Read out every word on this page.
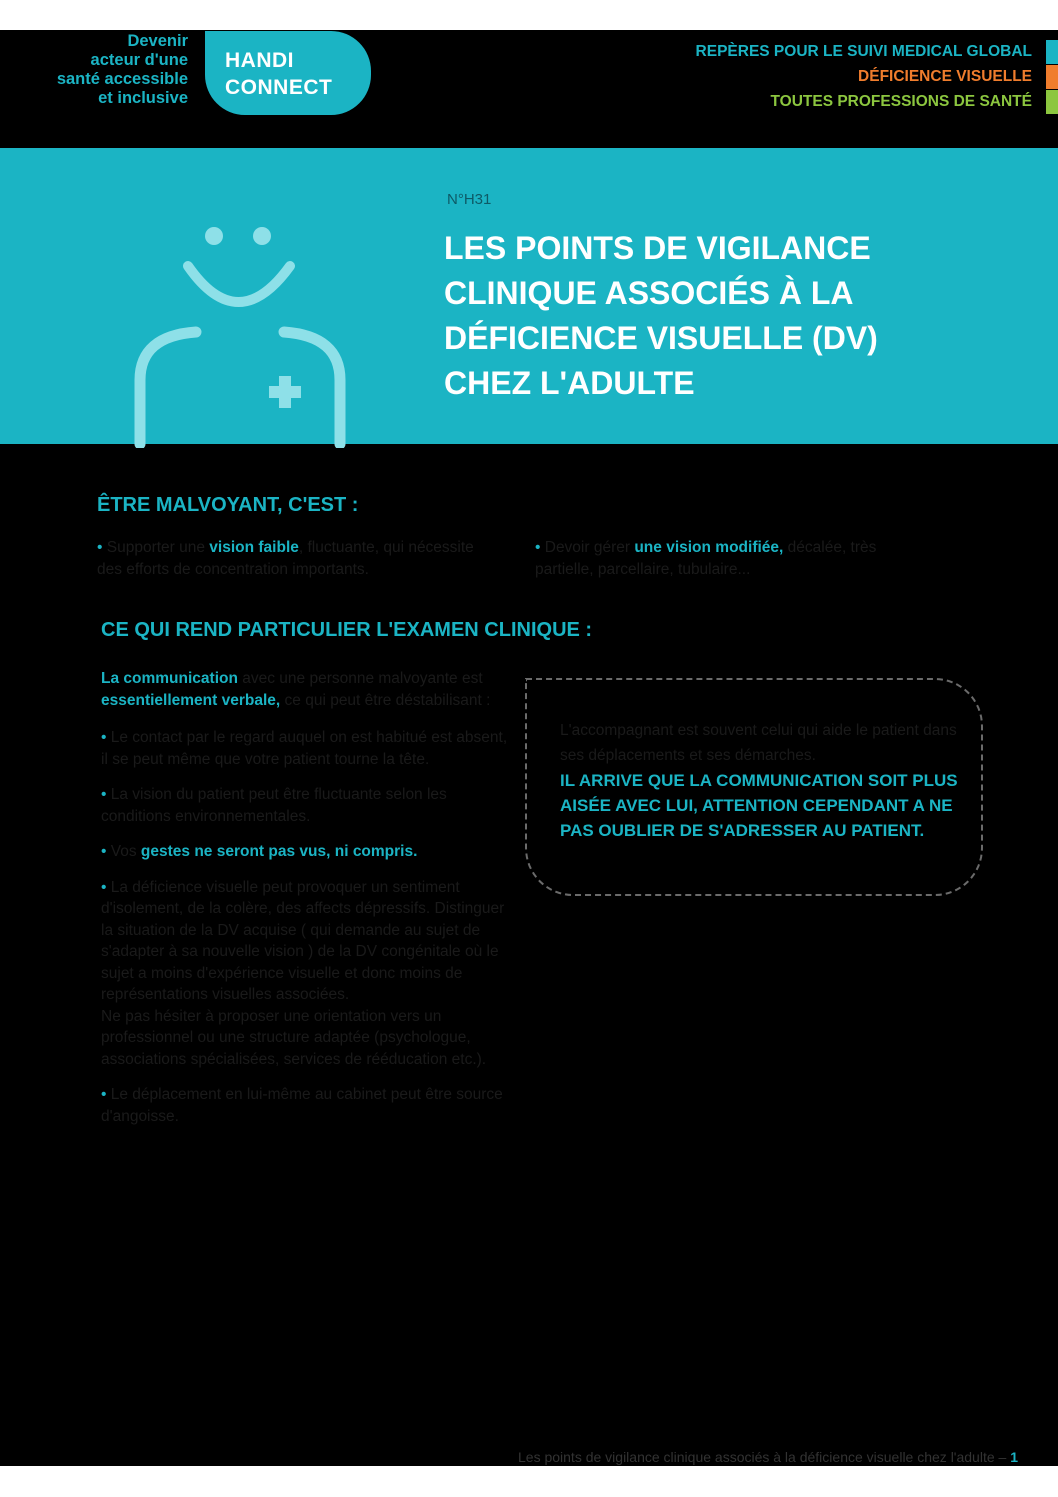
Devenir
acteur d'une
santé accessible
et inclusive
HANDI
CONNECT
REPÈRES POUR LE SUIVI MEDICAL GLOBAL
DÉFICIENCE VISUELLE
TOUTES PROFESSIONS DE SANTÉ
N°H31
LES POINTS DE VIGILANCE
CLINIQUE ASSOCIÉS À LA
DÉFICIENCE VISUELLE (DV)
CHEZ L'ADULTE
ÊTRE MALVOYANT, C'EST :
• Supporter une vision faible, fluctuante, qui nécessite des efforts de concentration importants.
• Devoir gérer une vision modifiée, décalée, très partielle, parcellaire, tubulaire...
CE QUI REND PARTICULIER L'EXAMEN CLINIQUE :

La communication avec une personne malvoyante est essentiellement verbale, ce qui peut être déstabilisant :

• Le contact par le regard auquel on est habitué est absent, il se peut même que votre patient tourne la tête.

• La vision du patient peut être fluctuante selon les conditions environnementales.

• Vos gestes ne seront pas vus, ni compris.

• La déficience visuelle peut provoquer un sentiment d'isolement, de la colère, des affects dépressifs. Distinguer la situation de la DV acquise ( qui demande au sujet de s'adapter à sa nouvelle vision ) de la DV congénitale où le sujet a moins d'expérience visuelle et donc moins de représentations visuelles associées.
Ne pas hésiter à proposer une orientation vers un professionnel ou une structure adaptée (psychologue, associations spécialisées, services de rééducation etc.).

• Le déplacement en lui-même au cabinet peut être source d'angoisse.

L'accompagnant est souvent celui qui aide le patient dans ses déplacements et ses démarches.
IL ARRIVE QUE LA COMMUNICATION SOIT PLUS AISÉE AVEC LUI, ATTENTION CEPENDANT A NE PAS OUBLIER DE S'ADRESSER AU PATIENT.
Les points de vigilance clinique associés à la déficience visuelle chez l'adulte – 1
